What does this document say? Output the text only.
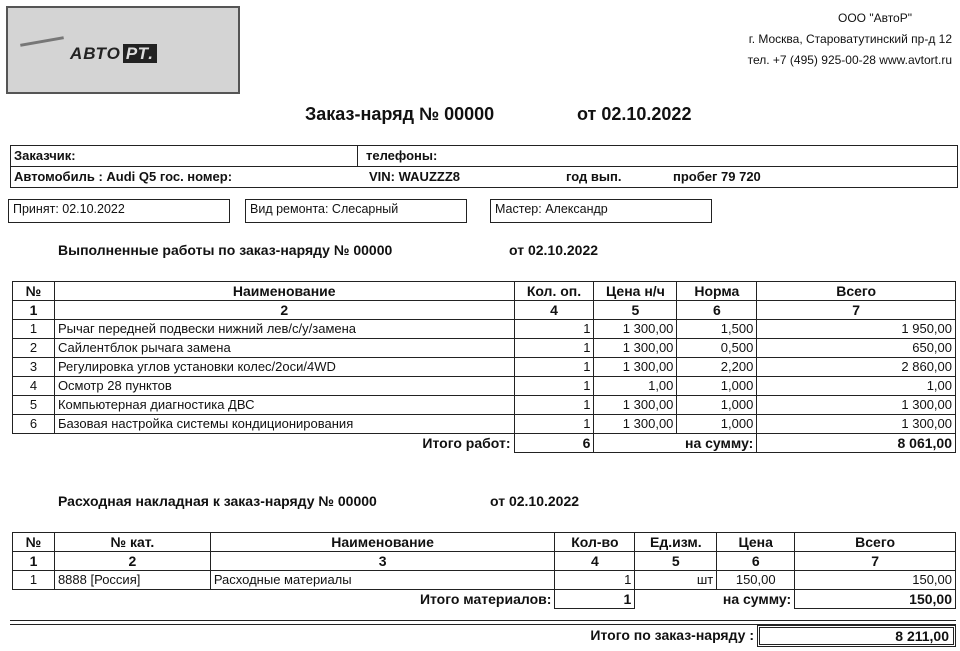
АВТО РТ.
ООО "АвтоР"
г. Москва, Староватутинский пр-д 12
тел. +7 (495) 925-00-28 www.avtort.ru
Заказ-наряд № 00000	от 02.10.2022
Заказчик:	телефоны:
Автомобиль : Audi Q5 гос. номер:	VIN: WAUZZZ8	год вып.	пробег 79 720
Принят: 02.10.2022	Вид ремонта: Слесарный	Мастер: Александр
Выполненные работы по заказ-наряду № 00000	от 02.10.2022
№	Наименование	Кол. оп.	Цена н/ч	Норма	Всего
1	2	4	5	6	7
1	Рычаг передней подвески нижний лев/с/у/замена	1	1 300,00	1,500	1 950,00
2	Сайлентблок рычага замена	1	1 300,00	0,500	650,00
3	Регулировка углов установки колес/2оси/4WD	1	1 300,00	2,200	2 860,00
4	Осмотр 28 пунктов	1	1,00	1,000	1,00
5	Компьютерная диагностика ДВС	1	1 300,00	1,000	1 300,00
6	Базовая настройка системы кондиционирования	1	1 300,00	1,000	1 300,00
	Итого работ:	6	на сумму:		8 061,00
Расходная накладная к заказ-наряду № 00000	от 02.10.2022
№	№ кат.	Наименование	Кол-во	Ед.изм.	Цена	Всего
1	2	3	4	5	6	7
1	8888 [Россия]	Расходные материалы	1	шт	150,00	150,00
		Итого материалов:	1	на сумму:		150,00
Итого по заказ-наряду :	8 211,00
